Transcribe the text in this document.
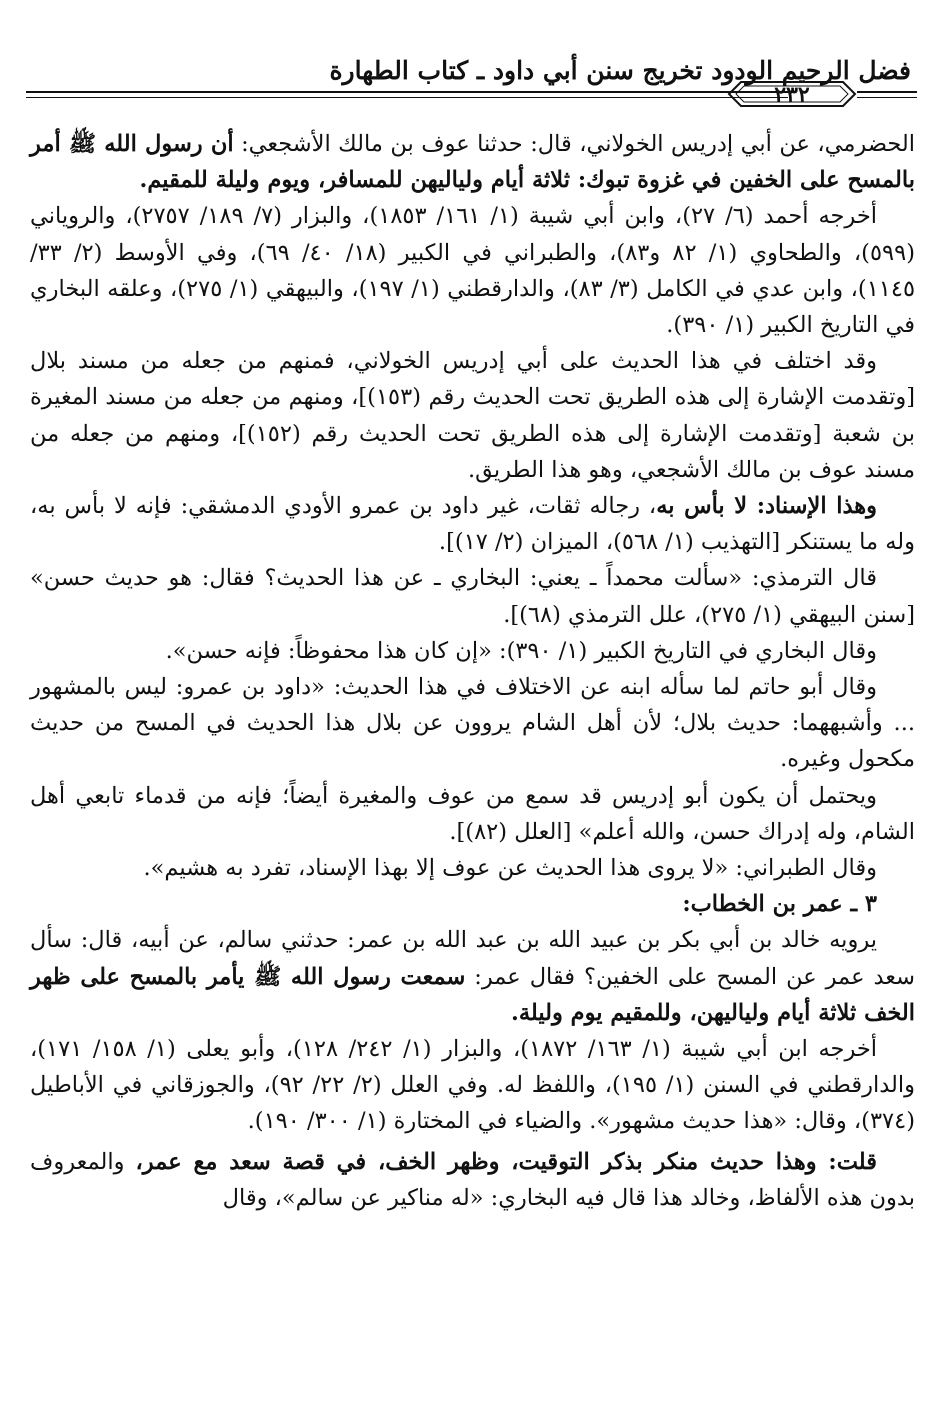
فضل الرحيم الودود تخريج سنن أبي داود ـ كتاب الطهارة
٢٣٢

الحضرمي، عن أبي إدريس الخولاني، قال: حدثنا عوف بن مالك الأشجعي: أن رسول الله ﷺ أمر بالمسح على الخفين في غزوة تبوك: ثلاثة أيام ولياليهن للمسافر، ويوم وليلة للمقيم.

أخرجه أحمد (٦/ ٢٧)، وابن أبي شيبة (١/ ١٦١/ ١٨٥٣)، والبزار (٧/ ١٨٩/ ٢٧٥٧)، والروياني (٥٩٩)، والطحاوي (١/ ٨٢ و٨٣)، والطبراني في الكبير (١٨/ ٤٠/ ٦٩)، وفي الأوسط (٢/ ٣٣/ ١١٤٥)، وابن عدي في الكامل (٣/ ٨٣)، والدارقطني (١/ ١٩٧)، والبيهقي (١/ ٢٧٥)، وعلقه البخاري في التاريخ الكبير (١/ ٣٩٠).

وقد اختلف في هذا الحديث على أبي إدريس الخولاني، فمنهم من جعله من مسند بلال [وتقدمت الإشارة إلى هذه الطريق تحت الحديث رقم (١٥٣)]، ومنهم من جعله من مسند المغيرة بن شعبة [وتقدمت الإشارة إلى هذه الطريق تحت الحديث رقم (١٥٢)]، ومنهم من جعله من مسند عوف بن مالك الأشجعي، وهو هذا الطريق.

وهذا الإسناد: لا بأس به، رجاله ثقات، غير داود بن عمرو الأودي الدمشقي: فإنه لا بأس به، وله ما يستنكر [التهذيب (١/ ٥٦٨)، الميزان (٢/ ١٧)].

قال الترمذي: «سألت محمداً ـ يعني: البخاري ـ عن هذا الحديث؟ فقال: هو حديث حسن» [سنن البيهقي (١/ ٢٧٥)، علل الترمذي (٦٨)].

وقال البخاري في التاريخ الكبير (١/ ٣٩٠): «إن كان هذا محفوظاً: فإنه حسن».

وقال أبو حاتم لما سأله ابنه عن الاختلاف في هذا الحديث: «داود بن عمرو: ليس بالمشهور ... وأشبههما: حديث بلال؛ لأن أهل الشام يروون عن بلال هذا الحديث في المسح من حديث مكحول وغيره.

ويحتمل أن يكون أبو إدريس قد سمع من عوف والمغيرة أيضاً؛ فإنه من قدماء تابعي أهل الشام، وله إدراك حسن، والله أعلم» [العلل (٨٢)].

وقال الطبراني: «لا يروى هذا الحديث عن عوف إلا بهذا الإسناد، تفرد به هشيم».

٣ ـ عمر بن الخطاب:

يرويه خالد بن أبي بكر بن عبيد الله بن عبد الله بن عمر: حدثني سالم، عن أبيه، قال: سأل سعد عمر عن المسح على الخفين؟ فقال عمر: سمعت رسول الله ﷺ يأمر بالمسح على ظهر الخف ثلاثة أيام ولياليهن، وللمقيم يوم وليلة.

أخرجه ابن أبي شيبة (١/ ١٦٣/ ١٨٧٢)، والبزار (١/ ٢٤٢/ ١٢٨)، وأبو يعلى (١/ ١٥٨/ ١٧١)، والدارقطني في السنن (١/ ١٩٥)، واللفظ له. وفي العلل (٢/ ٢٢/ ٩٢)، والجوزقاني في الأباطيل (٣٧٤)، وقال: «هذا حديث مشهور». والضياء في المختارة (١/ ٣٠٠/ ١٩٠).

قلت: وهذا حديث منكر بذكر التوقيت، وظهر الخف، في قصة سعد مع عمر، والمعروف بدون هذه الألفاظ، وخالد هذا قال فيه البخاري: «له مناكير عن سالم»، وقال
